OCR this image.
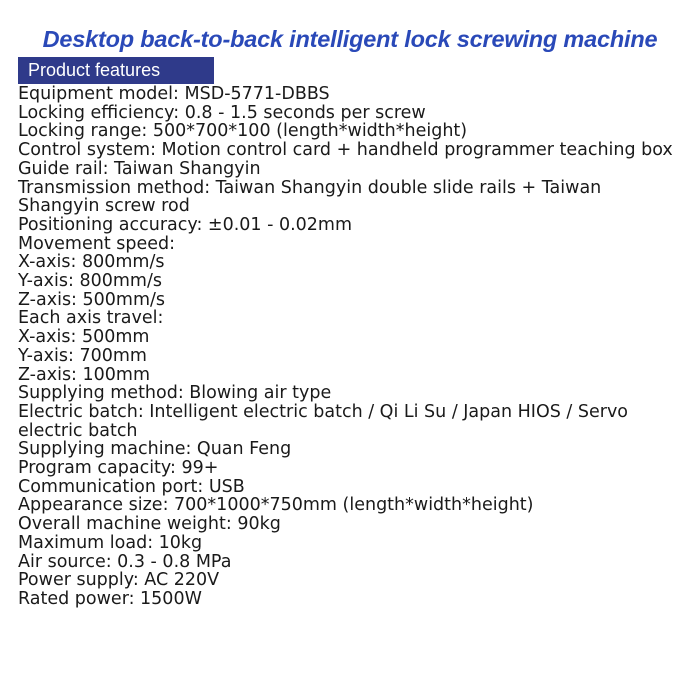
Desktop back-to-back intelligent lock screwing machine
Product features
Equipment model: MSD-5771-DBBS
Locking efficiency: 0.8 - 1.5 seconds per screw
Locking range: 500*700*100 (length*width*height)
Control system: Motion control card + handheld programmer teaching box
Guide rail: Taiwan Shangyin
Transmission method: Taiwan Shangyin double slide rails + Taiwan Shangyin screw rod
Positioning accuracy: ±0.01 - 0.02mm
Movement speed:
X-axis: 800mm/s
Y-axis: 800mm/s
Z-axis: 500mm/s
Each axis travel:
X-axis: 500mm
Y-axis: 700mm
Z-axis: 100mm
Supplying method: Blowing air type
Electric batch: Intelligent electric batch / Qi Li Su / Japan HIOS / Servo electric batch
Supplying machine: Quan Feng
Program capacity: 99+
Communication port: USB
Appearance size: 700*1000*750mm (length*width*height)
Overall machine weight: 90kg
Maximum load: 10kg
Air source: 0.3 - 0.8 MPa
Power supply: AC 220V
Rated power: 1500W
